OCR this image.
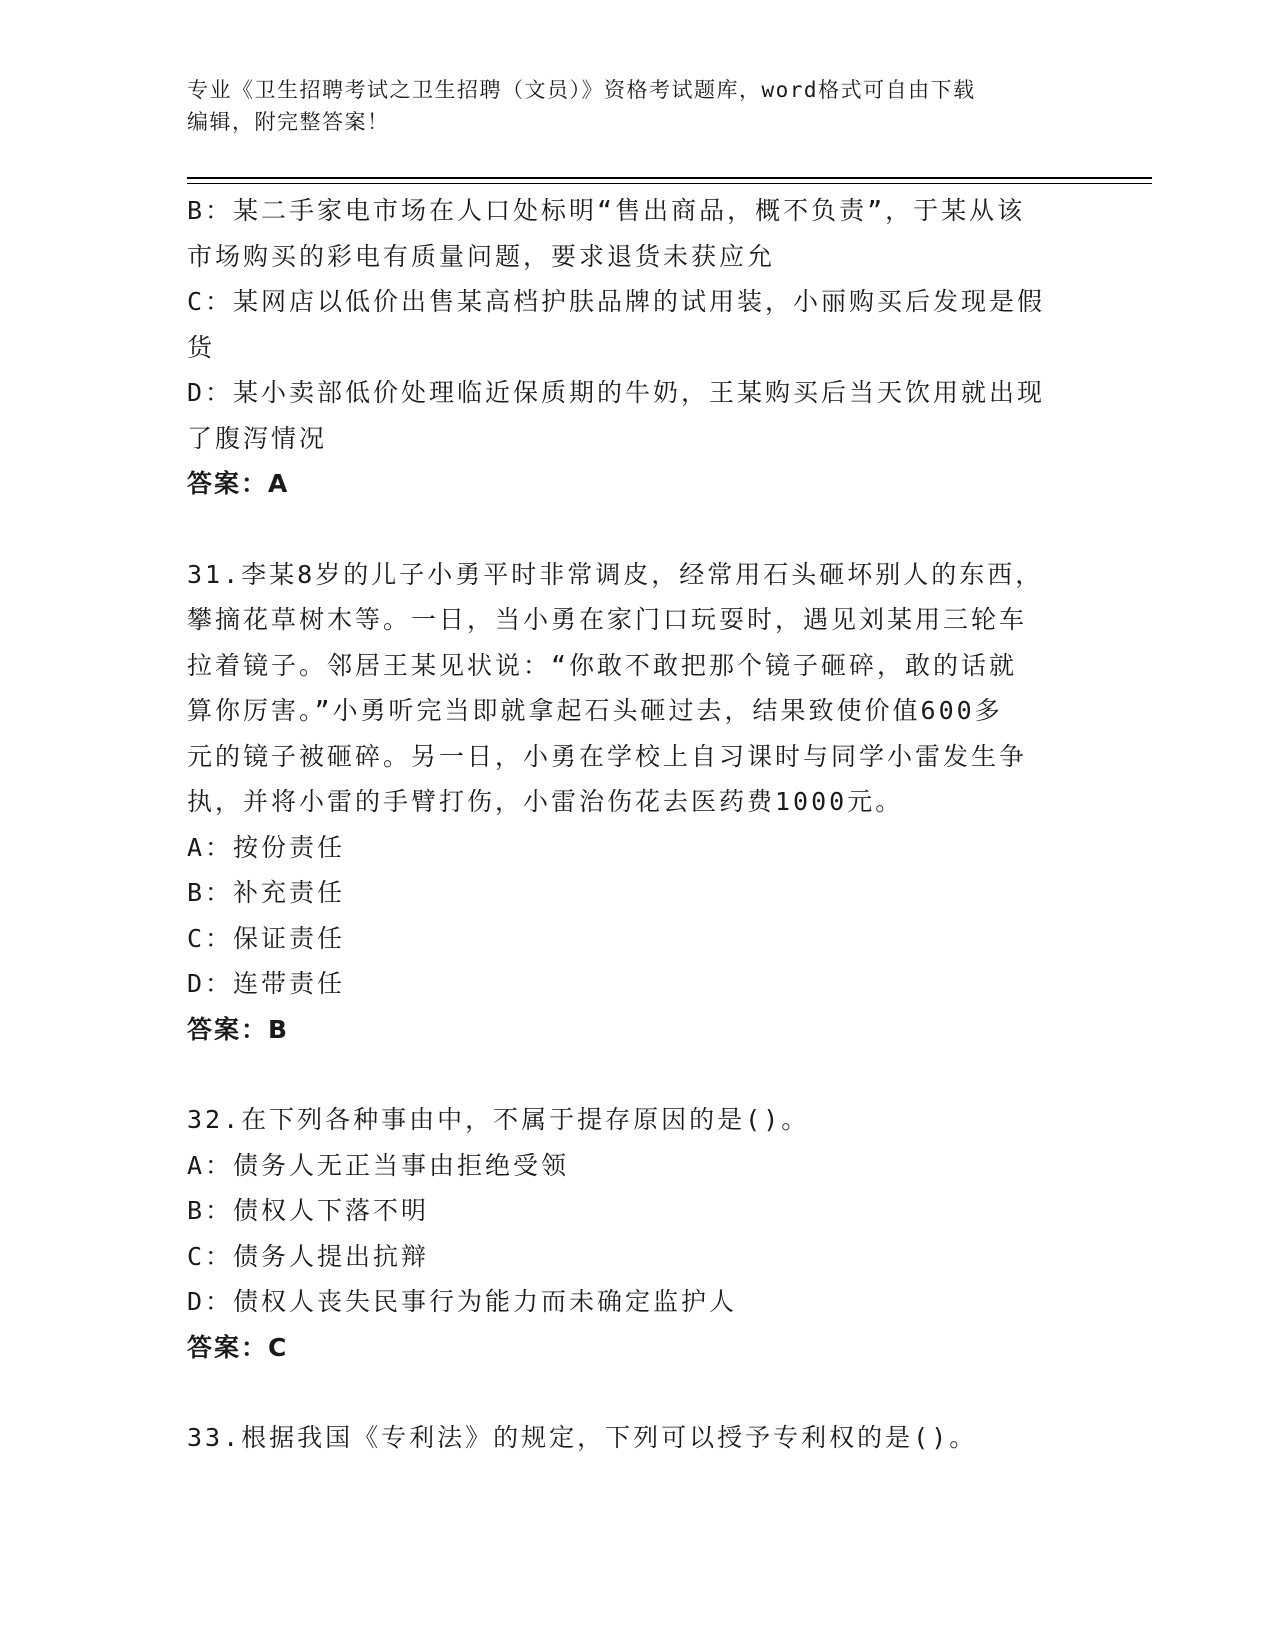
专业《卫生招聘考试之卫生招聘（文员）》资格考试题库，word格式可自由下载
编辑，附完整答案！
B：某二手家电市场在人口处标明“售出商品，概不负责”，于某从该
市场购买的彩电有质量问题，要求退货未获应允
C：某网店以低价出售某高档护肤品牌的试用装，小丽购买后发现是假
货
D：某小卖部低价处理临近保质期的牛奶，王某购买后当天饮用就出现
了腹泻情况
答案：A
31.李某8岁的儿子小勇平时非常调皮，经常用石头砸坏别人的东西，
攀摘花草树木等。一日，当小勇在家门口玩耍时，遇见刘某用三轮车
拉着镜子。邻居王某见状说：“你敢不敢把那个镜子砸碎，敢的话就
算你厉害。”小勇听完当即就拿起石头砸过去，结果致使价值600多
元的镜子被砸碎。另一日，小勇在学校上自习课时与同学小雷发生争
执，并将小雷的手臂打伤，小雷治伤花去医药费1000元。
A：按份责任
B：补充责任
C：保证责任
D：连带责任
答案：B
32.在下列各种事由中，不属于提存原因的是()。
A：债务人无正当事由拒绝受领
B：债权人下落不明
C：债务人提出抗辩
D：债权人丧失民事行为能力而未确定监护人
答案：C
33.根据我国《专利法》的规定，下列可以授予专利权的是()。
